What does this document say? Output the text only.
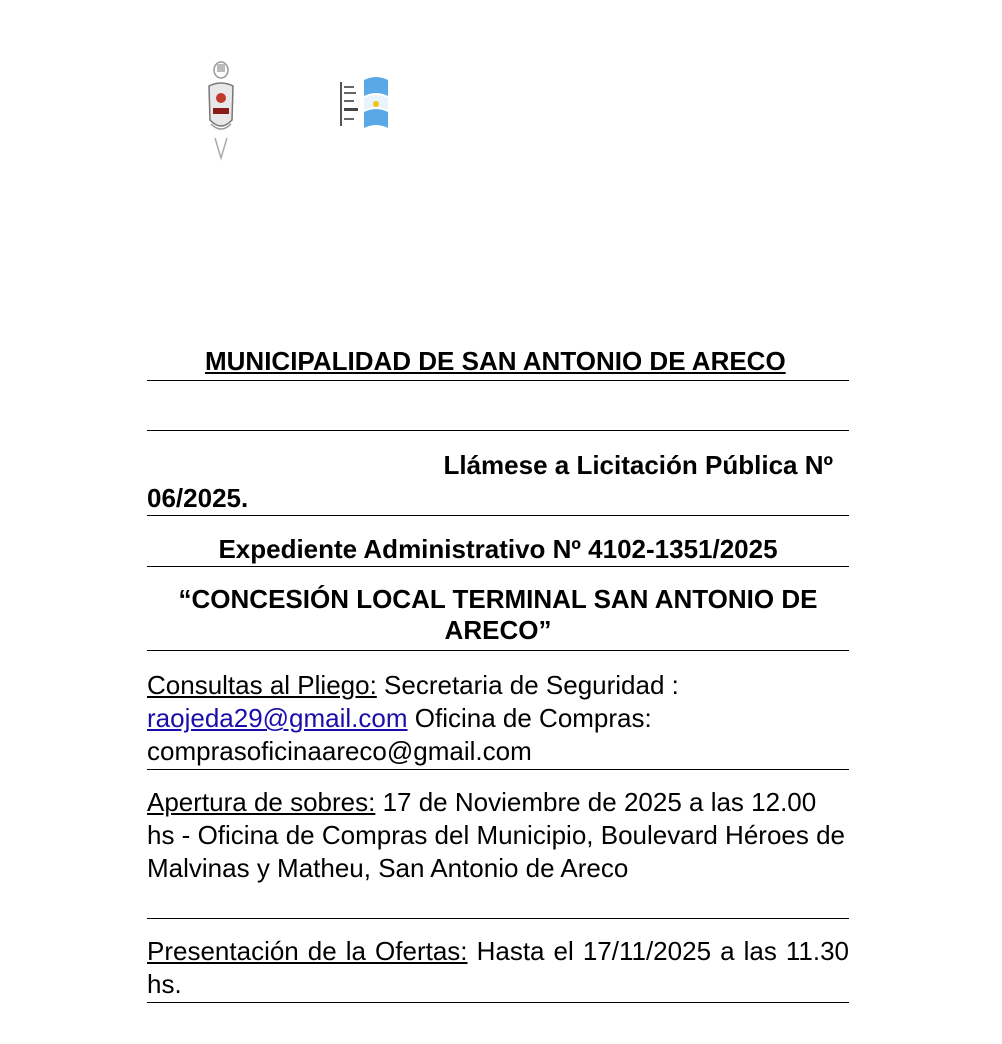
MUNICIPALIDAD DE SAN ANTONIO DE ARECO
Llámese a Licitación Pública Nº
06/2025.
Expediente Administrativo Nº 4102-1351/2025
“CONCESIÓN LOCAL TERMINAL SAN ANTONIO DE ARECO”
Consultas al Pliego: Secretaria de Seguridad : raojeda29@gmail.com Oficina de Compras: comprasoficinaareco@gmail.com
Apertura de sobres: 17 de Noviembre de 2025 a las 12.00 hs - Oficina de Compras del Municipio, Boulevard Héroes de Malvinas y Matheu, San Antonio de Areco
Presentación de la Ofertas: Hasta el 17/11/2025 a las 11.30 hs.
